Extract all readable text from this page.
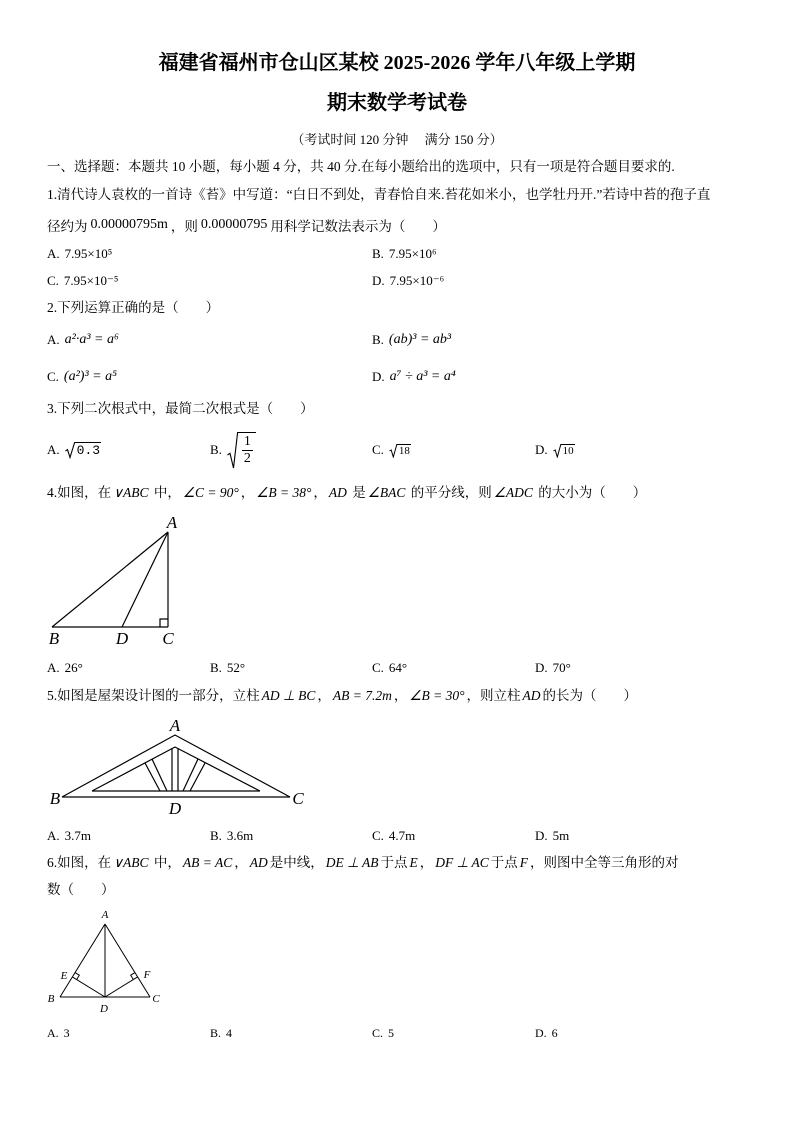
福建省福州市仓山区某校 2025-2026 学年八年级上学期
期末数学考试卷
（考试时间 120 分钟　 满分 150 分）
一、选择题：本题共 10 小题，每小题 4 分，共 40 分.在每小题给出的选项中，只有一项是符合题目要求的.
1.清代诗人袁枚的一首诗《苔》中写道：“白日不到处，青春恰自来.苔花如米小，也学牡丹开.”若诗中苔的孢子直
径约为 0.00000795m ，则 0.00000795 用科学记数法表示为（　　）
A. 7.95×10⁵	B. 7.95×10⁶
C. 7.95×10⁻⁵	D. 7.95×10⁻⁶
2.下列运算正确的是（　　）
A. a²·a³ = a⁶	B. (ab)³ = ab³
C. (a²)³ = a⁵	D. a⁷ ÷ a³ = a⁴
3.下列二次根式中，最简二次根式是（　　）
A. 0.3	B. $\frac{1}{2}$	C. 18	D. 10
4.如图，在 ∨ABC 中， ∠C = 90° ， ∠B = 38° ， AD 是 ∠BAC 的平分线，则 ∠ADC 的大小为（　　）
A
B	D C
A. 26°	B. 52°	C. 64°	D. 70°
5.如图是屋架设计图的一部分，立柱 AD ⊥ BC ， AB = 7.2m ， ∠B = 30° ，则立柱 AD 的长为（　　）
A
B	C
D
A. 3.7m	B. 3.6m	C. 4.7m	D. 5m
6.如图，在 ∨ABC 中， AB = AC ， AD 是中线， DE ⊥ AB 于点 E ， DF ⊥ AC 于点 F ，则图中全等三角形的对
数（　　）
A
B	C
D
E	F
A. 3	B. 4	C. 5	D. 6
